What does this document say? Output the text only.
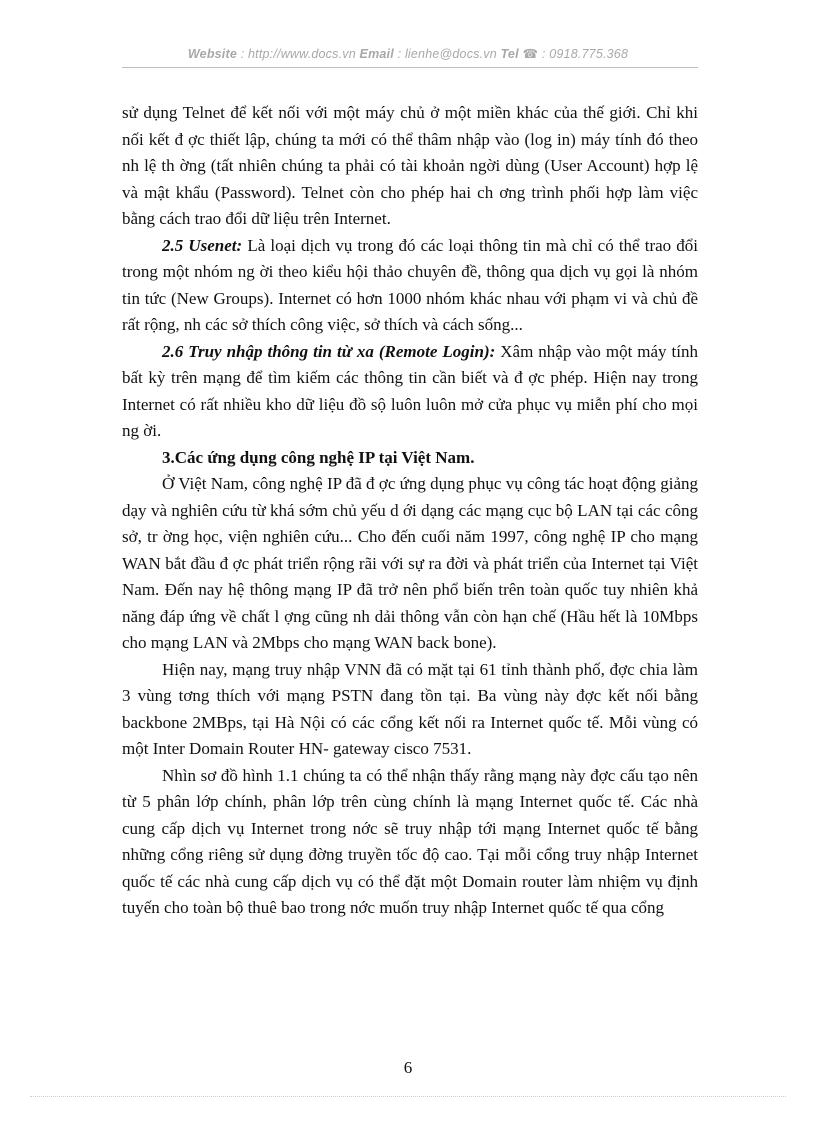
Website : http://www.docs.vn Email : lienhe@docs.vn Tel ☎ : 0918.775.368

sử dụng Telnet để kết nối với một máy chủ ở một miền khác của thế giới. Chỉ khi nối kết đ ợc thiết lập, chúng ta mới có thể thâm nhập vào (log in) máy tính đó theo nh lệ th ờng (tất nhiên chúng ta phải có tài khoản ngời dùng (User Account) hợp lệ và mật khẩu (Password). Telnet còn cho phép hai ch ơng trình phối hợp làm việc bằng cách trao đổi dữ liệu trên Internet.

2.5 Usenet: Là loại dịch vụ trong đó các loại thông tin mà chỉ có thể trao đổi trong một nhóm ng ời theo kiểu hội thảo chuyên đề, thông qua dịch vụ gọi là nhóm tin tức (New Groups). Internet có hơn 1000 nhóm khác nhau với phạm vi và chủ đề rất rộng, nh các sở thích công việc, sở thích và cách sống...

2.6 Truy nhập thông tin từ xa (Remote Login): Xâm nhập vào một máy tính bất kỳ trên mạng để tìm kiếm các thông tin cần biết và đ ợc phép. Hiện nay trong Internet có rất nhiều kho dữ liệu đồ sộ luôn luôn mở cửa phục vụ miễn phí cho mọi ng ời.

3.Các ứng dụng công nghệ IP tại Việt Nam.

Ở Việt Nam, công nghệ IP đã đ ợc ứng dụng phục vụ công tác hoạt động giảng dạy và nghiên cứu từ khá sớm chủ yếu d ới dạng các mạng cục bộ LAN tại các công sở, tr ờng học, viện nghiên cứu... Cho đến cuối năm 1997, công nghệ IP cho mạng WAN bắt đầu đ ợc phát triển rộng rãi với sự ra đời và phát triển của Internet tại Việt Nam. Đến nay hệ thông mạng IP đã trở nên phổ biến trên toàn quốc tuy nhiên khả năng đáp ứng về chất l ợng cũng nh dải thông vẫn còn hạn chế (Hầu hết là 10Mbps cho mạng LAN và 2Mbps cho mạng WAN back bone).

Hiện nay, mạng truy nhập VNN đã có mặt tại 61 tỉnh thành phố, đợc chia làm 3 vùng tơng thích với mạng PSTN đang tồn tại. Ba vùng này đợc kết nối bằng backbone 2MBps, tại Hà Nội có các cổng kết nối ra Internet quốc tế. Mỗi vùng có một Inter Domain Router HN- gateway cisco 7531.

Nhìn sơ đồ hình 1.1 chúng ta có thể nhận thấy rằng mạng này đợc cấu tạo nên từ 5 phân lớp chính, phân lớp trên cùng chính là mạng Internet quốc tế. Các nhà cung cấp dịch vụ Internet trong nớc sẽ truy nhập tới mạng Internet quốc tế bằng những cổng riêng sử dụng đờng truyền tốc độ cao. Tại mỗi cổng truy nhập Internet quốc tế các nhà cung cấp dịch vụ có thể đặt một Domain router làm nhiệm vụ định tuyến cho toàn bộ thuê bao trong nớc muốn truy nhập Internet quốc tế qua cổng

6
